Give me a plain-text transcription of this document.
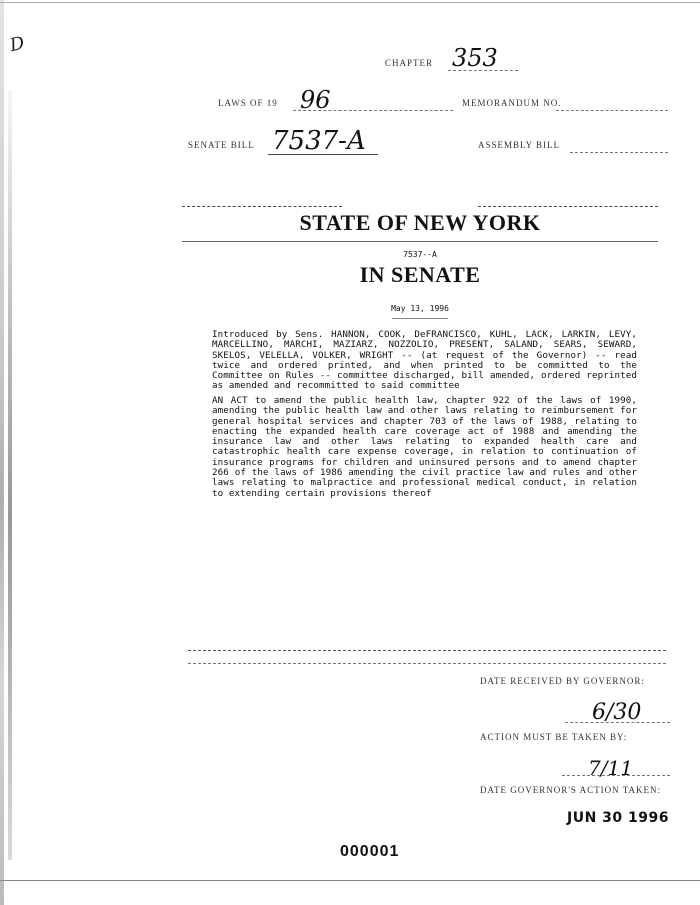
D
CHAPTER 353
LAWS OF 19 96	MEMORANDUM NO.
SENATE BILL 7537-A	ASSEMBLY BILL
STATE OF NEW YORK
7537--A
IN SENATE
May 13, 1996
Introduced by Sens. HANNON, COOK, DeFRANCISCO, KUHL, LACK, LARKIN, LEVY, MARCELLINO, MARCHI, MAZIARZ, NOZZOLIO, PRESENT, SALAND, SEARS, SEWARD, SKELOS, VELELLA, VOLKER, WRIGHT -- (at request of the Governor) -- read twice and ordered printed, and when printed to be committed to the Committee on Rules -- committee discharged, bill amended, ordered reprinted as amended and recommitted to said committee
AN ACT to amend the public health law, chapter 922 of the laws of 1990, amending the public health law and other laws relating to reimbursement for general hospital services and chapter 703 of the laws of 1988, relating to enacting the expanded health care coverage act of 1988 and amending the insurance law and other laws relating to expanded health care and catastrophic health care expense coverage, in relation to continuation of insurance programs for children and uninsured persons and to amend chapter 266 of the laws of 1986 amending the civil practice law and rules and other laws relating to malpractice and professional medical conduct, in relation to extending certain provisions thereof
DATE RECEIVED BY GOVERNOR:
6/30
ACTION MUST BE TAKEN BY:
7/11
DATE GOVERNOR'S ACTION TAKEN:
JUN 30 1996
000001
